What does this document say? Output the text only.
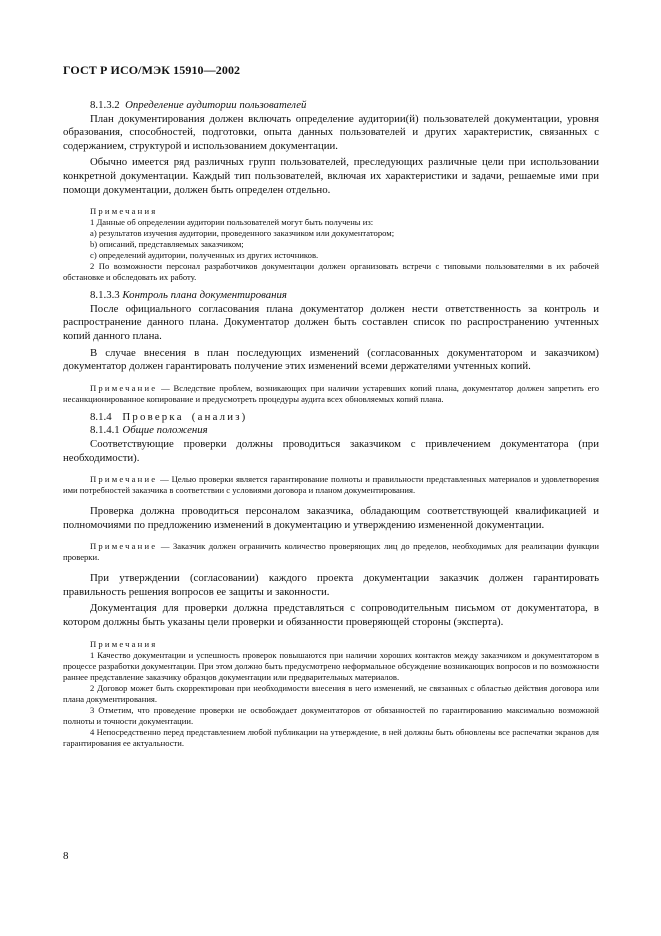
ГОСТ Р ИСО/МЭК 15910—2002

8.1.3.2 Определение аудитории пользователей

План документирования должен включать определение аудитории(й) пользователей документации, уровня образования, способностей, подготовки, опыта данных пользователей и других характеристик, связанных с содержанием, структурой и использованием документации.

Обычно имеется ряд различных групп пользователей, преследующих различные цели при использовании конкретной документации. Каждый тип пользователей, включая их характеристики и задачи, решаемые ими при помощи документации, должен быть определен отдельно.

Примечания

1 Данные об определении аудитории пользователей могут быть получены из:

а) результатов изучения аудитории, проведенного заказчиком или документатором;

b) описаний, представляемых заказчиком;

с) определений аудитории, полученных из других источников.

2 По возможности персонал разработчиков документации должен организовать встречи с типовыми пользователями в их рабочей обстановке и обследовать их работу.

8.1.3.3 Контроль плана документирования

После официального согласования плана документатор должен нести ответственность за контроль и распространение данного плана. Документатор должен быть составлен список по распространению учтенных копий данного плана.

В случае внесения в план последующих изменений (согласованных документатором и заказчиком) документатор должен гарантировать получение этих изменений всеми держателями учтенных копий.

Примечание — Вследствие проблем, возникающих при наличии устаревших копий плана, документатор должен запретить его несанкционированное копирование и предусмотреть процедуры аудита всех обновляемых копий плана.

8.1.4 Проверка (анализ)

8.1.4.1 Общие положения

Соответствующие проверки должны проводиться заказчиком с привлечением документатора (при необходимости).

Примечание — Целью проверки является гарантирование полноты и правильности представленных материалов и удовлетворения ими потребностей заказчика в соответствии с условиями договора и планом документирования.

Проверка должна проводиться персоналом заказчика, обладающим соответствующей квалификацией и полномочиями по предложению изменений в документацию и утверждению измененной документации.

Примечание — Заказчик должен ограничить количество проверяющих лиц до пределов, необходимых для реализации функции проверки.

При утверждении (согласовании) каждого проекта документации заказчик должен гарантировать правильность решения вопросов ее защиты и законности.

Документация для проверки должна представляться с сопроводительным письмом от документатора, в котором должны быть указаны цели проверки и обязанности проверяющей стороны (эксперта).

Примечания

1 Качество документации и успешность проверок повышаются при наличии хороших контактов между заказчиком и документатором в процессе разработки документации. При этом должно быть предусмотрено неформальное обсуждение возникающих вопросов и по возможности раннее представление заказчику образцов документации или предварительных материалов.

2 Договор может быть скорректирован при необходимости внесения в него изменений, не связанных с областью действия договора или плана документирования.

3 Отметим, что проведение проверки не освобождает документаторов от обязанностей по гарантированию максимально возможной полноты и точности документации.

4 Непосредственно перед представлением любой публикации на утверждение, в ней должны быть обновлены все распечатки экранов для гарантирования ее актуальности.

8
